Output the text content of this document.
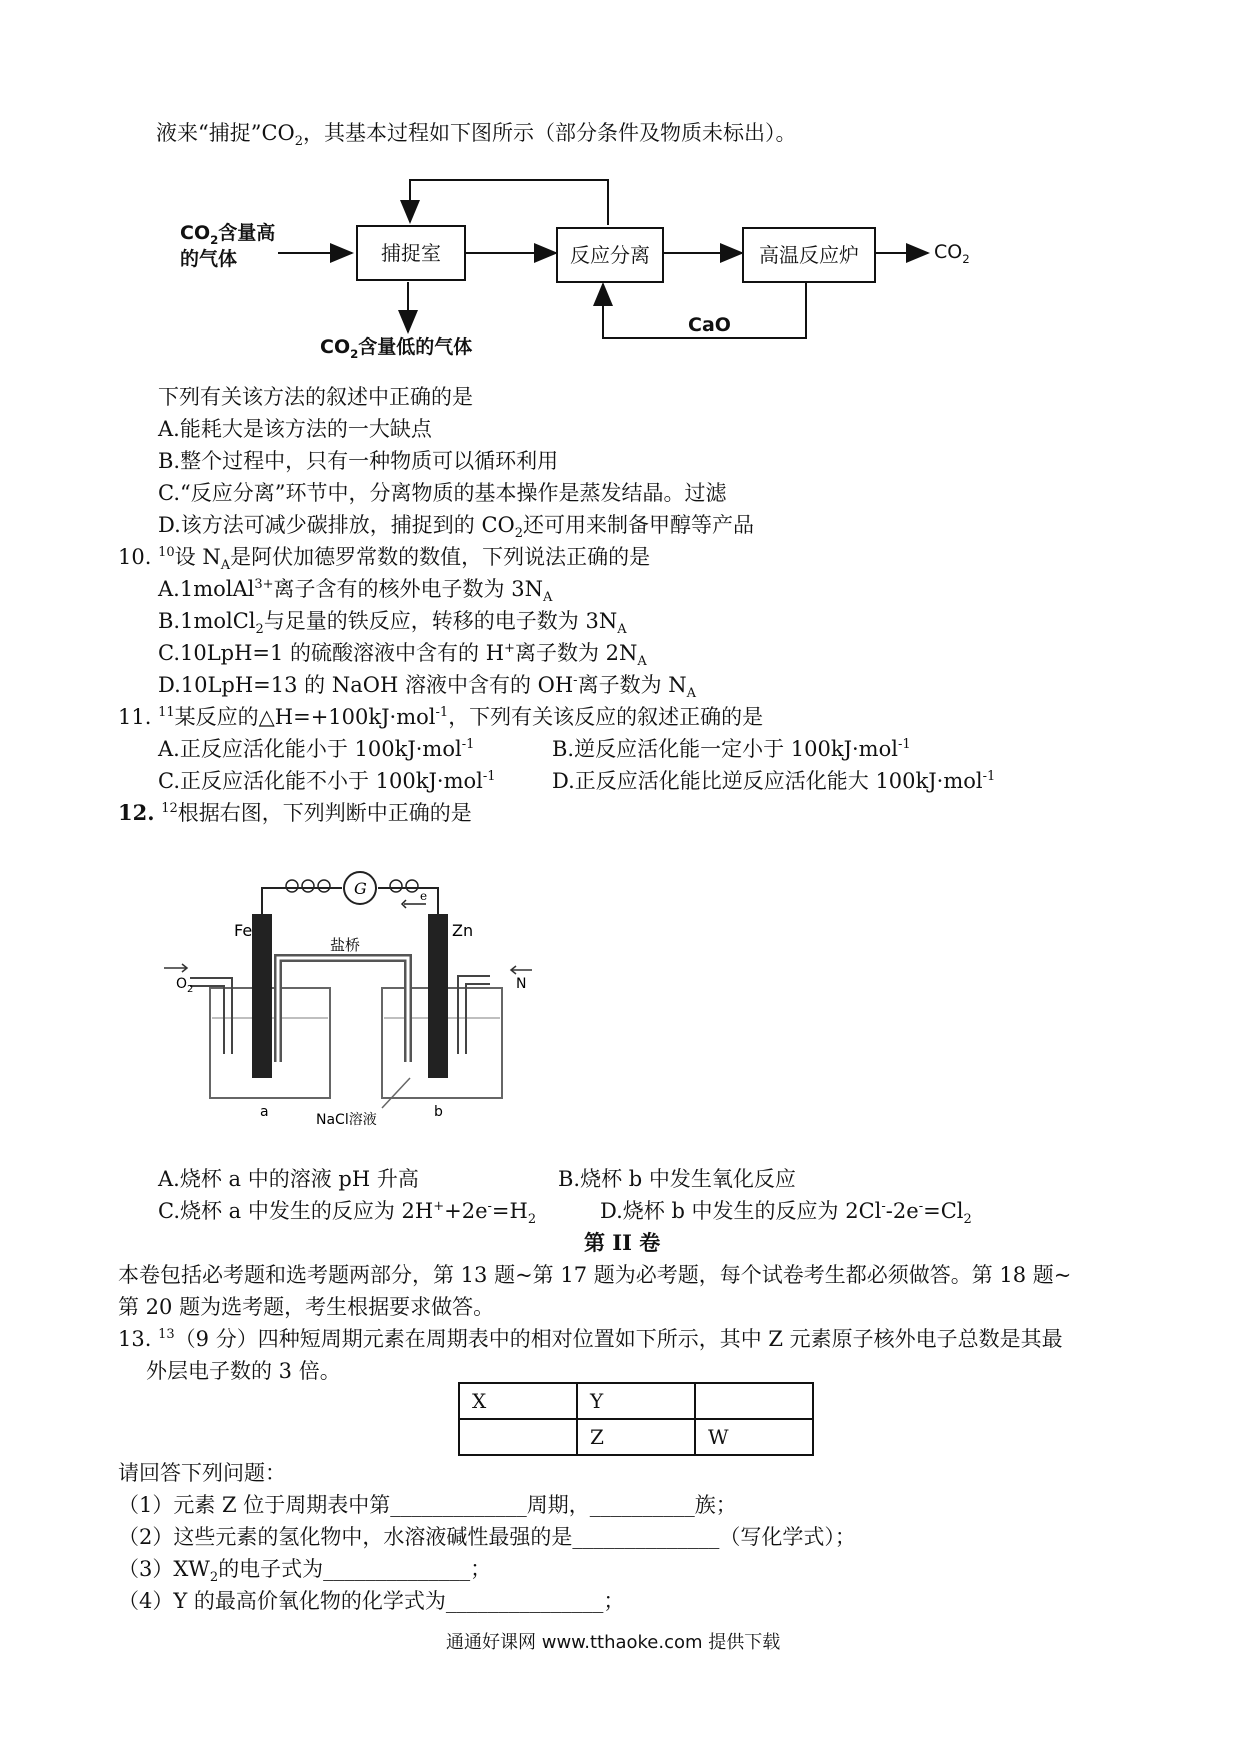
液来“捕捉$”CO_2$，其基本过程如下图所示（部分条件及物质未标出）。
$CO_2$含量高
的气体	捕捉室	反应分离	高温反应炉	$CO_2$
$CO_2$含量低的气体
CaO
下列有关该方法的叙述中正确的是
A.能耗大是该方法的一大缺点
B.整个过程中，只有一种物质可以循环利用
C.“反应分离”环节中，分离物质的基本操作是蒸发结晶。过滤
D.该方法可减少碳排放，捕捉到的 $CO_2$还可用来制备甲醇等产品
10. $^{10}$设 $N_A$是阿伏加德罗常数的数值，下列说法正确的是
A.1molAl$^{3+}$离子含有的核外电子数为 $3N_A$
B.1molCl$_2$与足量的铁反应，转移的电子数为 $3N_A$
C.10LpH=1 的硫酸溶液中含有的 H+离子数为 $2N_A$
D.10LpH=13 的 NaOH 溶液中含有的 OH-离子数为 $N_A$
11. $^{11}$某反应的△H=+100kJ·mol$^{-1}$，下列有关该反应的叙述正确的是
A.正反应活化能小于 100kJ·mol$^{-1}$	B.逆反应活化能一定小于 100kJ·mol$^{-1}$
C.正反应活化能不小于 100kJ·mol$^{-1}$	D.正反应活化能比逆反应活化能大 100kJ·mol$^{-1}$
12. $^{12}$根据右图，下列判断中正确的是
G	e
Fe	Zn
盐桥
$O_2$	N
a	b
NaCl溶液
A.烧杯 a 中的溶液 pH 升高	B.烧杯 b 中发生氧化反应
C.烧杯 a 中发生的反应为 $2H^++2e^-=H_2$	D.烧杯 b 中发生的反应为 $2Cl^--2e^-=Cl_2$
第 II 卷
本卷包括必考题和选考题两部分，第 13 题~第 17 题为必考题，每个试卷考生都必须做答。第 18 题~
第 20 题为选考题，考生根据要求做答。
13. $^{13}$（9 分）四种短周期元素在周期表中的相对位置如下所示，其中 Z 元素原子核外电子总数是其最
外层电子数的 3 倍。
X	Y	
	Z	W
请回答下列问题：
（1）元素 Z 位于周期表中第_____________周期，__________族；
（2）这些元素的氢化物中，水溶液碱性最强的是______________（写化学式）；
$(3)XW_2$的电子式为______________；
（4）Y 的最高价氧化物的化学式为_______________；
通通好课网 www.tthaoke.com 提供下载
